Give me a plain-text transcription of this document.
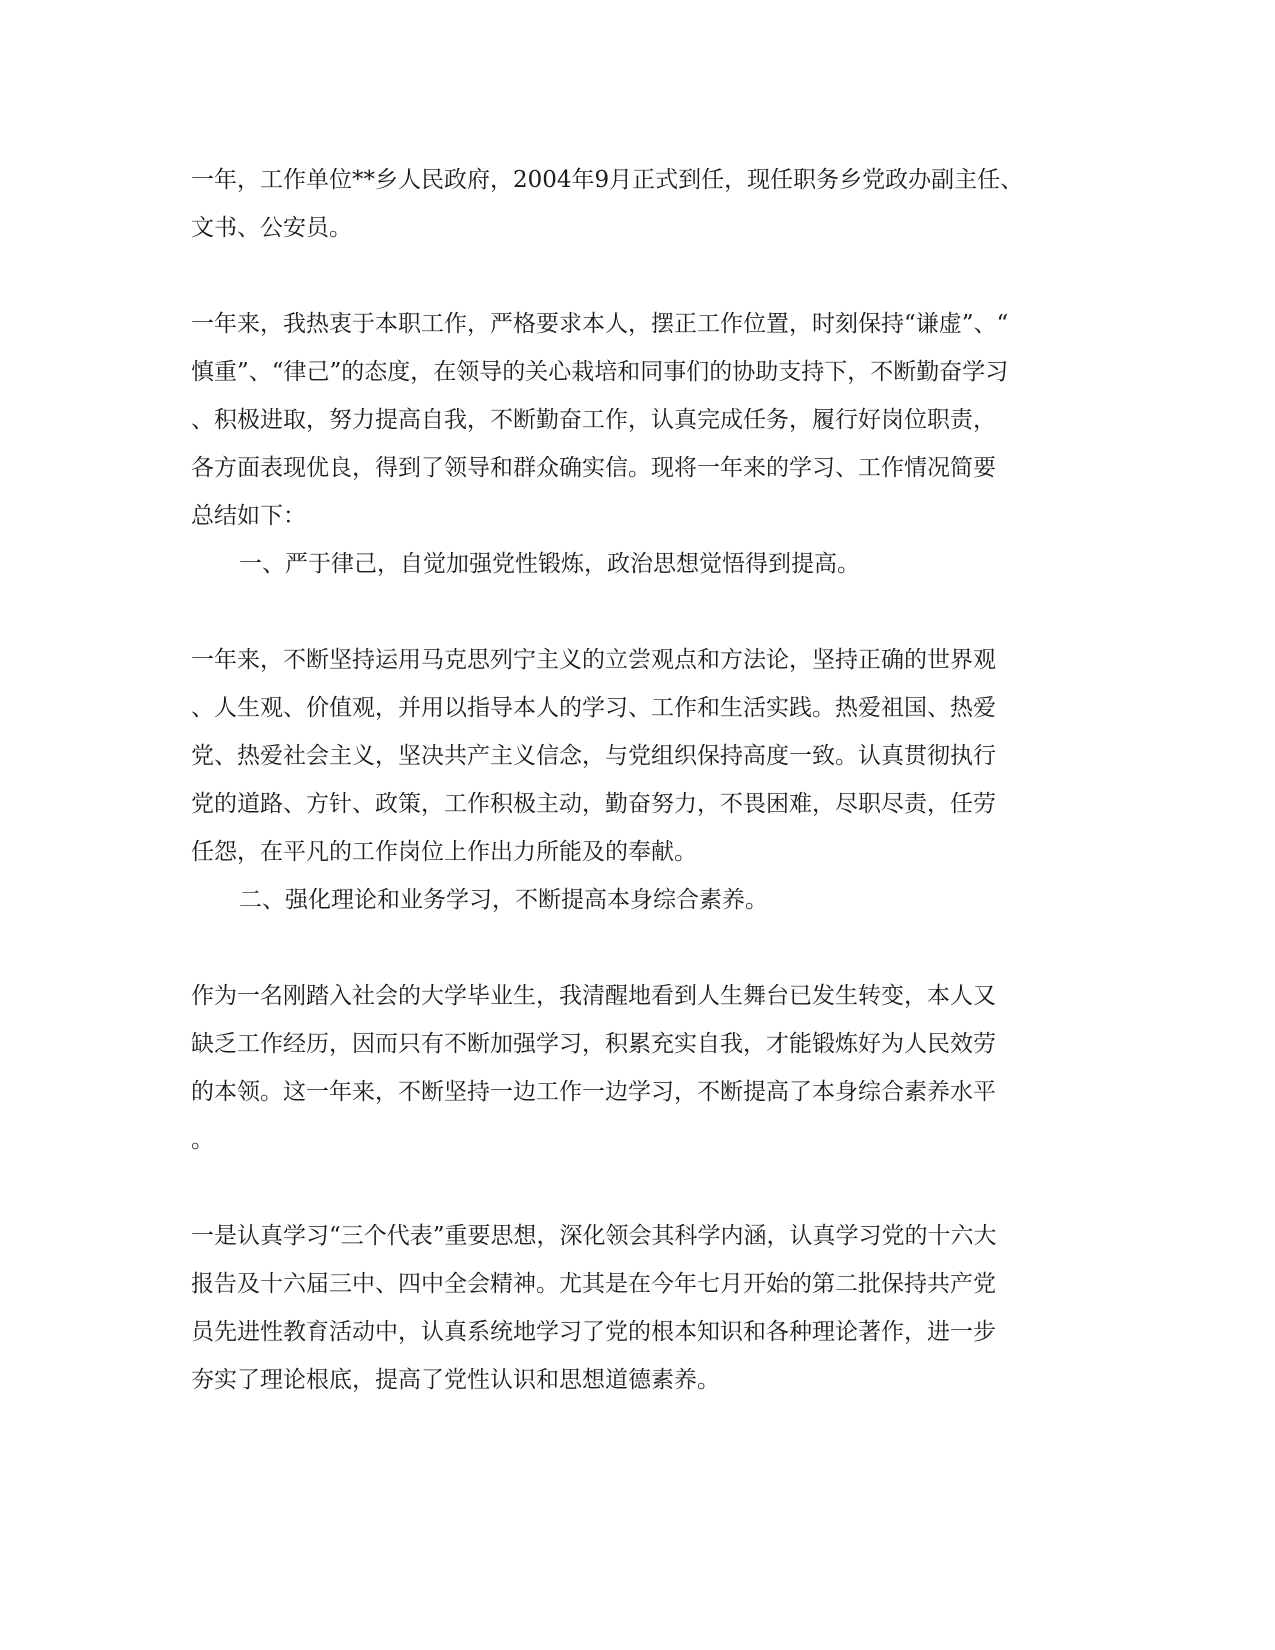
一年，工作单位**乡人民政府，2004年9月正式到任，现任职务乡党政办副主任、
文书、公安员。
一年来，我热衷于本职工作，严格要求本人，摆正工作位置，时刻保持“谦虚”、“
慎重”、“律己”的态度，在领导的关心栽培和同事们的协助支持下，不断勤奋学习
、积极进取，努力提高自我，不断勤奋工作，认真完成任务，履行好岗位职责，
各方面表现优良，得到了领导和群众确实信。现将一年来的学习、工作情况简要
总结如下：
一、严于律己，自觉加强党性锻炼，政治思想觉悟得到提高。
一年来，不断坚持运用马克思列宁主义的立尝观点和方法论，坚持正确的世界观
、人生观、价值观，并用以指导本人的学习、工作和生活实践。热爱祖国、热爱
党、热爱社会主义，坚决共产主义信念，与党组织保持高度一致。认真贯彻执行
党的道路、方针、政策，工作积极主动，勤奋努力，不畏困难，尽职尽责，任劳
任怨，在平凡的工作岗位上作出力所能及的奉献。
二、强化理论和业务学习，不断提高本身综合素养。
作为一名刚踏入社会的大学毕业生，我清醒地看到人生舞台已发生转变，本人又
缺乏工作经历，因而只有不断加强学习，积累充实自我，才能锻炼好为人民效劳
的本领。这一年来，不断坚持一边工作一边学习，不断提高了本身综合素养水平
。
一是认真学习“三个代表”重要思想，深化领会其科学内涵，认真学习党的十六大
报告及十六届三中、四中全会精神。尤其是在今年七月开始的第二批保持共产党
员先进性教育活动中，认真系统地学习了党的根本知识和各种理论著作，进一步
夯实了理论根底，提高了党性认识和思想道德素养。
